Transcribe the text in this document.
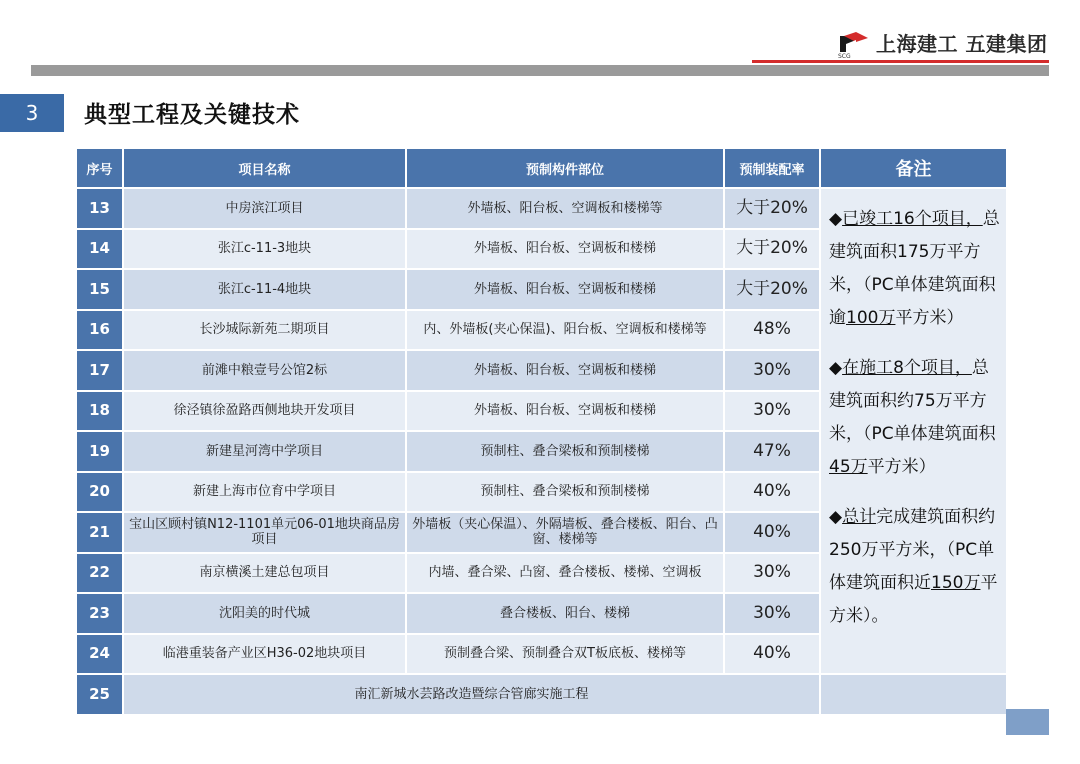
SCG
上海建工 五建集团
3	典型工程及关键技术
序号	项目名称	预制构件部位	预制装配率	备注
13	中房滨江项目	外墙板、阳台板、空调板和楼梯等	大于20%	◆已竣工16个项目，总建筑面积175万平方米，（PC单体建筑面积逾100万平方米）
◆在施工8个项目，总建筑面积约75万平方米，（PC单体建筑面积45万平方米）
◆总计完成建筑面积约250万平方米，（PC单体建筑面积近150万平方米）。

14	张江c-11-3地块	外墙板、阳台板、空调板和楼梯	大于20%	
15	张江c-11-4地块	外墙板、阳台板、空调板和楼梯	大于20%	
16	长沙城际新苑二期项目	内、外墙板(夹心保温)、阳台板、空调板和楼梯等	48%	
17	前滩中粮壹号公馆2标	外墙板、阳台板、空调板和楼梯	30%	
18	徐泾镇徐盈路西侧地块开发项目	外墙板、阳台板、空调板和楼梯	30%	
19	新建星河湾中学项目	预制柱、叠合梁板和预制楼梯	47%	
20	新建上海市位育中学项目	预制柱、叠合梁板和预制楼梯	40%	
21	宝山区顾村镇N12-1101单元06-01地块商品房项目	外墙板（夹心保温）、外隔墙板、叠合楼板、阳台、凸窗、楼梯等	40%	
22	南京横溪土建总包项目	内墙、叠合梁、凸窗、叠合楼板、楼梯、空调板	30%	
23	沈阳美的时代城	叠合楼板、阳台、楼梯	30%	
24	临港重装备产业区H36-02地块项目	预制叠合梁、预制叠合双T板底板、楼梯等	40%	
25	南汇新城水芸路改造暨综合管廊实施工程			
